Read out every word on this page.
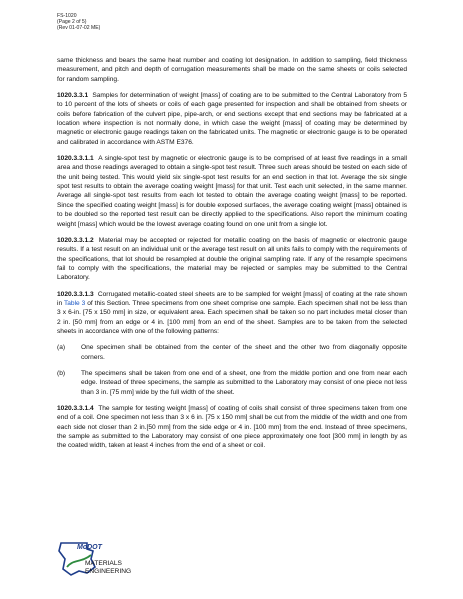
FS-1020
(Page 2 of 5)
(Rev 01-07-02 ME)

same thickness and bears the same heat number and coating lot designation. In addition to sampling, field thickness measurement, and pitch and depth of corrugation measurements shall be made on the same sheets or coils selected for random sampling.

1020.3.3.1 Samples for determination of weight [mass] of coating are to be submitted to the Central Laboratory from 5 to 10 percent of the lots of sheets or coils of each gage presented for inspection and shall be obtained from sheets or coils before fabrication of the culvert pipe, pipe-arch, or end sections except that end sections may be fabricated at a location where inspection is not normally done, in which case the weight [mass] of coating may be determined by magnetic or electronic gauge readings taken on the fabricated units. The magnetic or electronic gauge is to be operated and calibrated in accordance with ASTM E376.

1020.3.3.1.1 A single-spot test by magnetic or electronic gauge is to be comprised of at least five readings in a small area and those readings averaged to obtain a single-spot test result. Three such areas should be tested on each side of the unit being tested. This would yield six single-spot test results for an end section in that lot. Average the six single spot test results to obtain the average coating weight [mass] for that unit. Test each unit selected, in the same manner. Average all single-spot test results from each lot tested to obtain the average coating weight [mass] to be reported. Since the specified coating weight [mass] is for double exposed surfaces, the average coating weight [mass] obtained is to be doubled so the reported test result can be directly applied to the specifications. Also report the minimum coating weight [mass] which would be the lowest average coating found on one unit from a single lot.

1020.3.3.1.2 Material may be accepted or rejected for metallic coating on the basis of magnetic or electronic gauge results. If a test result on an individual unit or the average test result on all units fails to comply with the requirements of the specifications, that lot should be resampled at double the original sampling rate. If any of the resample specimens fail to comply with the specifications, the material may be rejected or samples may be submitted to the Central Laboratory.

1020.3.3.1.3 Corrugated metallic-coated steel sheets are to be sampled for weight [mass] of coating at the rate shown in Table 3 of this Section. Three specimens from one sheet comprise one sample. Each specimen shall not be less than 3 x 6-in. [75 x 150 mm] in size, or equivalent area. Each specimen shall be taken so no part includes metal closer than 2 in. [50 mm] from an edge or 4 in. [100 mm] from an end of the sheet. Samples are to be taken from the selected sheets in accordance with one of the following patterns:

(a)	One specimen shall be obtained from the center of the sheet and the other two from diagonally opposite corners.
(b)	The specimens shall be taken from one end of a sheet, one from the middle portion and one from near each edge. Instead of three specimens, the sample as submitted to the Laboratory may consist of one piece not less than 3 in. [75 mm] wide by the full width of the sheet.

1020.3.3.1.4 The sample for testing weight [mass] of coating of coils shall consist of three specimens taken from one end of a coil. One specimen not less than 3 x 6 in. [75 x 150 mm] shall be cut from the middle of the width and one from each side not closer than 2 in.[50 mm] from the side edge or 4 in. [100 mm] from the end. Instead of three specimens, the sample as submitted to the Laboratory may consist of one piece approximately one foot [300 mm] in length by as the coated width, taken at least 4 inches from the end of a sheet or coil.

MoDOT
MATERIALS
ENGINEERING
